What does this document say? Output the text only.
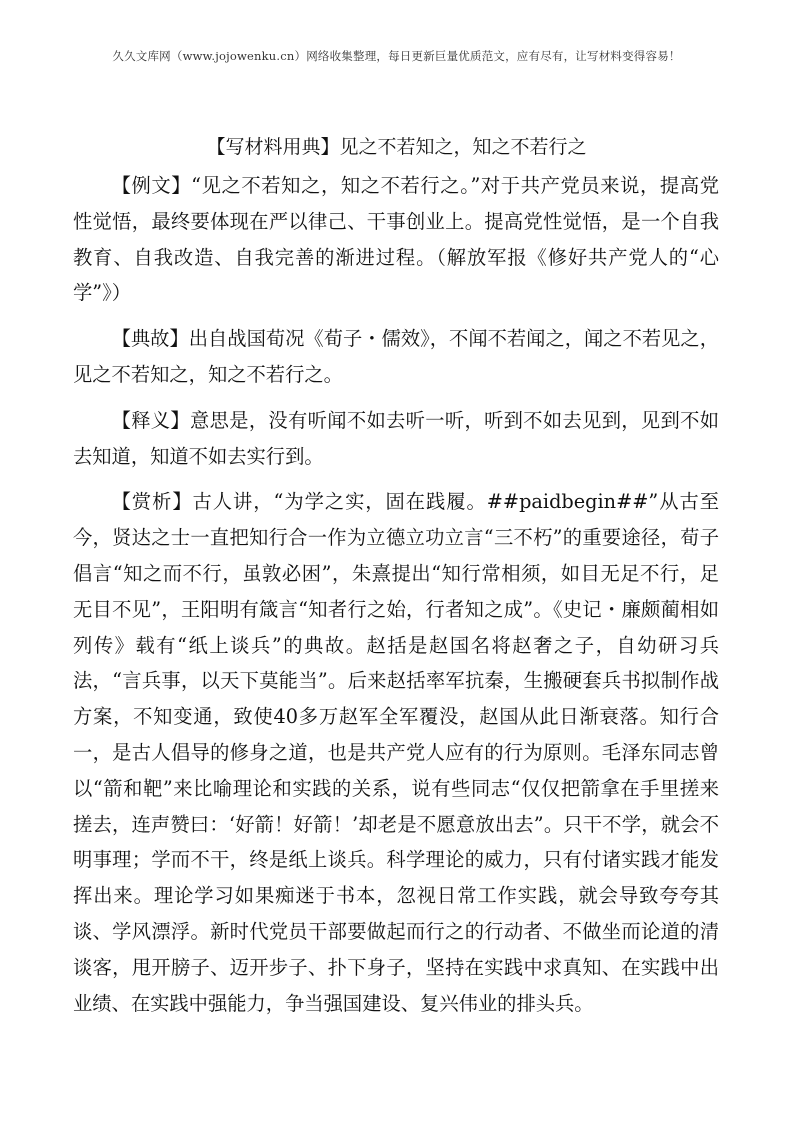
久久文库网（www.jojowenku.cn）网络收集整理，每日更新巨量优质范文，应有尽有，让写材料变得容易！
【写材料用典】见之不若知之，知之不若行之

【例文】“见之不若知之，知之不若行之。”对于共产党员来说，提高党性觉悟，最终要体现在严以律己、干事创业上。提高党性觉悟，是一个自我教育、自我改造、自我完善的渐进过程。（解放军报《修好共产党人的“心学”》）

【典故】出自战国荀况《荀子・儒效》，不闻不若闻之，闻之不若见之，见之不若知之，知之不若行之。

【释义】意思是，没有听闻不如去听一听，听到不如去见到，见到不如去知道，知道不如去实行到。

【赏析】古人讲，“为学之实，固在践履。##paidbegin##”从古至今，贤达之士一直把知行合一作为立德立功立言“三不朽”的重要途径，荀子倡言“知之而不行，虽敦必困”，朱熹提出“知行常相须，如目无足不行，足无目不见”，王阳明有箴言“知者行之始，行者知之成”。《史记・廉颇蔺相如列传》载有“纸上谈兵”的典故。赵括是赵国名将赵奢之子，自幼研习兵法，“言兵事，以天下莫能当”。后来赵括率军抗秦，生搬硬套兵书拟制作战方案，不知变通，致使40多万赵军全军覆没，赵国从此日渐衰落。知行合一，是古人倡导的修身之道，也是共产党人应有的行为原则。毛泽东同志曾以“箭和靶”来比喻理论和实践的关系，说有些同志“仅仅把箭拿在手里搓来搓去，连声赞曰：‘好箭！好箭！’却老是不愿意放出去”。只干不学，就会不明事理；学而不干，终是纸上谈兵。科学理论的威力，只有付诸实践才能发挥出来。理论学习如果痴迷于书本，忽视日常工作实践，就会导致夸夸其谈、学风漂浮。新时代党员干部要做起而行之的行动者、不做坐而论道的清谈客，甩开膀子、迈开步子、扑下身子，坚持在实践中求真知、在实践中出业绩、在实践中强能力，争当强国建设、复兴伟业的排头兵。
